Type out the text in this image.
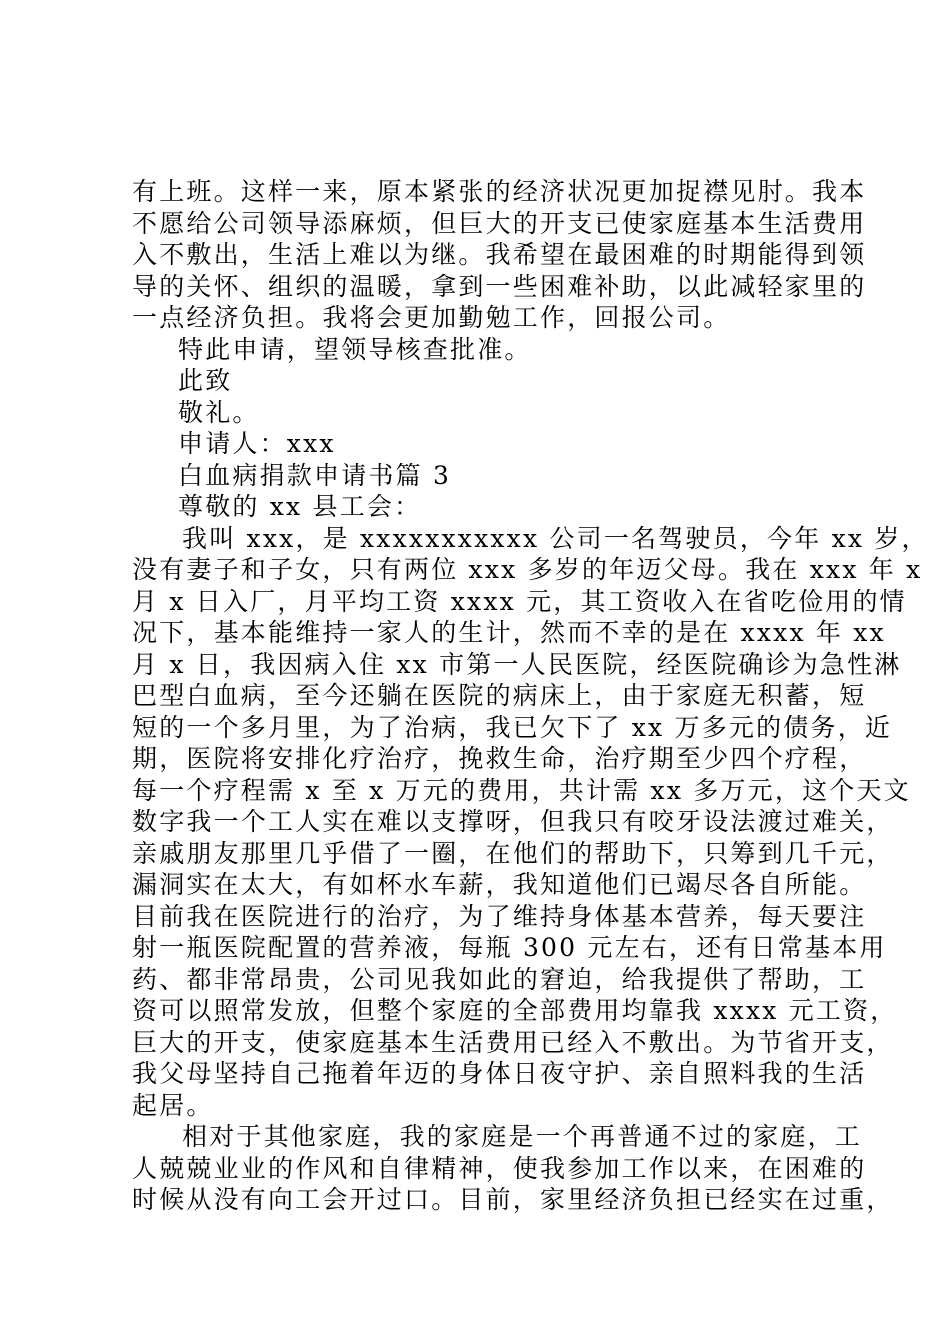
有上班。这样一来，原本紧张的经济状况更加捉襟见肘。我本
不愿给公司领导添麻烦，但巨大的开支已使家庭基本生活费用
入不敷出，生活上难以为继。我希望在最困难的时期能得到领
导的关怀、组织的温暖，拿到一些困难补助，以此减轻家里的
一点经济负担。我将会更加勤勉工作，回报公司。
特此申请，望领导核查批准。
此致
敬礼。
申请人：xxx
白血病捐款申请书篇 3
尊敬的 xx 县工会：
我叫 xxx，是 xxxxxxxxxxx 公司一名驾驶员，今年 xx 岁，
没有妻子和子女，只有两位 xxx 多岁的年迈父母。我在 xxx 年 x
月 x 日入厂，月平均工资 xxxx 元，其工资收入在省吃俭用的情
况下，基本能维持一家人的生计，然而不幸的是在 xxxx 年 xx
月 x 日，我因病入住 xx 市第一人民医院，经医院确诊为急性淋
巴型白血病，至今还躺在医院的病床上，由于家庭无积蓄，短
短的一个多月里，为了治病，我已欠下了 xx 万多元的债务，近
期，医院将安排化疗治疗，挽救生命，治疗期至少四个疗程，
每一个疗程需 x 至 x 万元的费用，共计需 xx 多万元，这个天文
数字我一个工人实在难以支撑呀，但我只有咬牙设法渡过难关，
亲戚朋友那里几乎借了一圈，在他们的帮助下，只筹到几千元，
漏洞实在太大，有如杯水车薪，我知道他们已竭尽各自所能。
目前我在医院进行的治疗，为了维持身体基本营养，每天要注
射一瓶医院配置的营养液，每瓶 300 元左右，还有日常基本用
药、都非常昂贵，公司见我如此的窘迫，给我提供了帮助，工
资可以照常发放，但整个家庭的全部费用均靠我 xxxx 元工资，
巨大的开支，使家庭基本生活费用已经入不敷出。为节省开支，
我父母坚持自己拖着年迈的身体日夜守护、亲自照料我的生活
起居。
相对于其他家庭，我的家庭是一个再普通不过的家庭，工
人兢兢业业的作风和自律精神，使我参加工作以来，在困难的
时候从没有向工会开过口。目前，家里经济负担已经实在过重，
